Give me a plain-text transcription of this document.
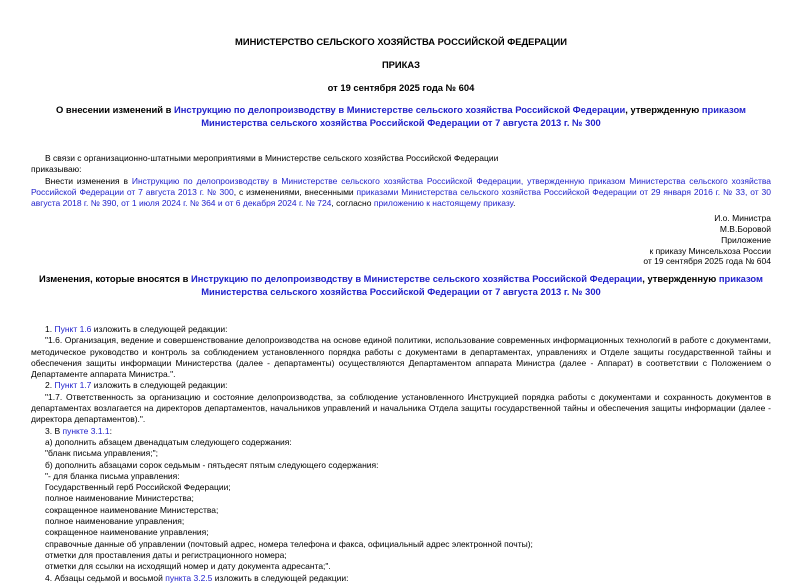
МИНИСТЕРСТВО СЕЛЬСКОГО ХОЗЯЙСТВА РОССИЙСКОЙ ФЕДЕРАЦИИ
ПРИКАЗ
от 19 сентября 2025 года № 604
О внесении изменений в Инструкцию по делопроизводству в Министерстве сельского хозяйства Российской Федерации, утвержденную приказом Министерства сельского хозяйства Российской Федерации от 7 августа 2013 г. № 300

В связи с организационно-штатными мероприятиями в Министерстве сельского хозяйства Российской Федерации

приказываю:

Внести изменения в Инструкцию по делопроизводству в Министерстве сельского хозяйства Российской Федерации, утвержденную приказом Министерства сельского хозяйства Российской Федерации от 7 августа 2013 г. № 300, с изменениями, внесенными приказами Министерства сельского хозяйства Российской Федерации от 29 января 2016 г. № 33, от 30 августа 2018 г. № 390, от 1 июля 2024 г. № 364 и от 6 декабря 2024 г. № 724, согласно приложению к настоящему приказу.

И.о. Министра

М.В.Боровой

Приложение

к приказу Минсельхоза России

от 19 сентября 2025 года № 604

Изменения, которые вносятся в Инструкцию по делопроизводству в Министерстве сельского хозяйства Российской Федерации, утвержденную приказом Министерства сельского хозяйства Российской Федерации от 7 августа 2013 г. № 300

1. Пункт 1.6 изложить в следующей редакции:

"1.6. Организация, ведение и совершенствование делопроизводства на основе единой политики, использование современных информационных технологий в работе с документами, методическое руководство и контроль за соблюдением установленного порядка работы с документами в департаментах, управлениях и Отделе защиты государственной тайны и обеспечения защиты информации Министерства (далее - департаменты) осуществляются Департаментом аппарата Министра (далее - Аппарат) в соответствии с Положением о Департаменте аппарата Министра.".

2. Пункт 1.7 изложить в следующей редакции:

"1.7. Ответственность за организацию и состояние делопроизводства, за соблюдение установленного Инструкцией порядка работы с документами и сохранность документов в департаментах возлагается на директоров департаментов, начальников управлений и начальника Отдела защиты государственной тайны и обеспечения защиты информации (далее - директора департаментов).".

3. В пункте 3.1.1:

а) дополнить абзацем двенадцатым следующего содержания:

"бланк письма управления;";

б) дополнить абзацами сорок седьмым - пятьдесят пятым следующего содержания:

"- для бланка письма управления:

Государственный герб Российской Федерации;

полное наименование Министерства;

сокращенное наименование Министерства;

полное наименование управления;

сокращенное наименование управления;

справочные данные об управлении (почтовый адрес, номера телефона и факса, официальный адрес электронной почты);

отметки для проставления даты и регистрационного номера;

отметки для ссылки на исходящий номер и дату документа адресанта;".

4. Абзацы седьмой и восьмой пункта 3.2.5 изложить в следующей редакции:
